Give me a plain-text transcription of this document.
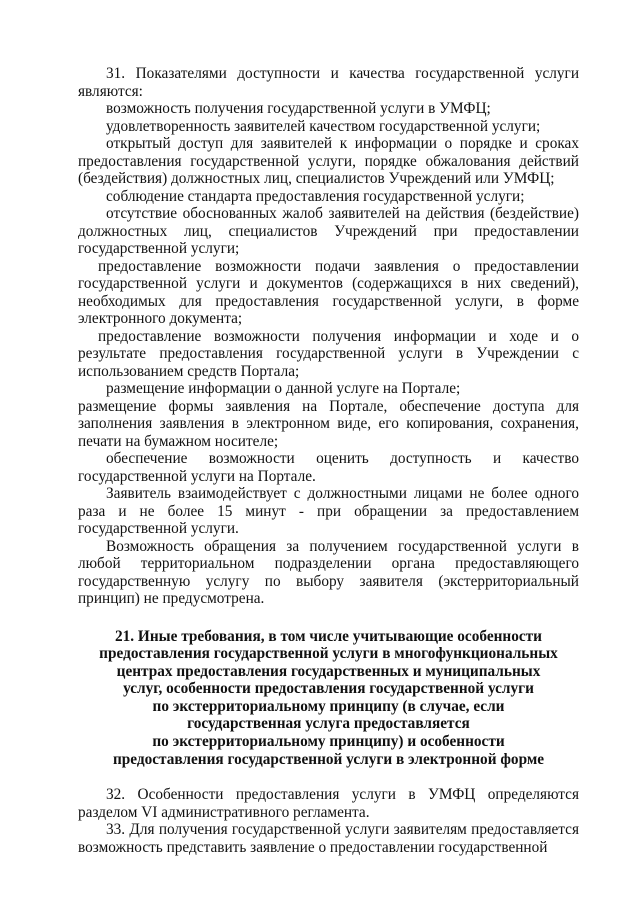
31. Показателями доступности и качества государственной услуги являются:

возможность получения государственной услуги в УМФЦ;

удовлетворенность заявителей качеством государственной услуги;

открытый доступ для заявителей к информации о порядке и сроках предоставления государственной услуги, порядке обжалования действий (бездействия) должностных лиц, специалистов Учреждений или УМФЦ;

соблюдение стандарта предоставления государственной услуги;

отсутствие обоснованных жалоб заявителей на действия (бездействие) должностных лиц, специалистов Учреждений при предоставлении государственной услуги;

предоставление возможности подачи заявления о предоставлении государственной услуги и документов (содержащихся в них сведений), необходимых для предоставления государственной услуги, в форме электронного документа;

предоставление возможности получения информации и ходе и о результате предоставления государственной услуги в Учреждении с использованием средств Портала;

размещение информации о данной услуге на Портале;

размещение формы заявления на Портале, обеспечение доступа для заполнения заявления в электронном виде, его копирования, сохранения, печати на бумажном носителе;

обеспечение возможности оценить доступность и качество государственной услуги на Портале.

Заявитель взаимодействует с должностными лицами не более одного раза и не более 15 минут - при обращении за предоставлением государственной услуги.

Возможность обращения за получением государственной услуги в любой территориальном подразделении органа предоставляющего государственную услугу по выбору заявителя (экстерриториальный принцип) не предусмотрена.

21. Иные требования, в том числе учитывающие особенности
предоставления государственной услуги в многофункциональных
центрах предоставления государственных и муниципальных
услуг, особенности предоставления государственной услуги
по экстерриториальному принципу (в случае, если
государственная услуга предоставляется
по экстерриториальному принципу) и особенности
предоставления государственной услуги в электронной форме

32. Особенности предоставления услуги в УМФЦ определяются разделом VI административного регламента.

33. Для получения государственной услуги заявителям предоставляется возможность представить заявление о предоставлении государственной
